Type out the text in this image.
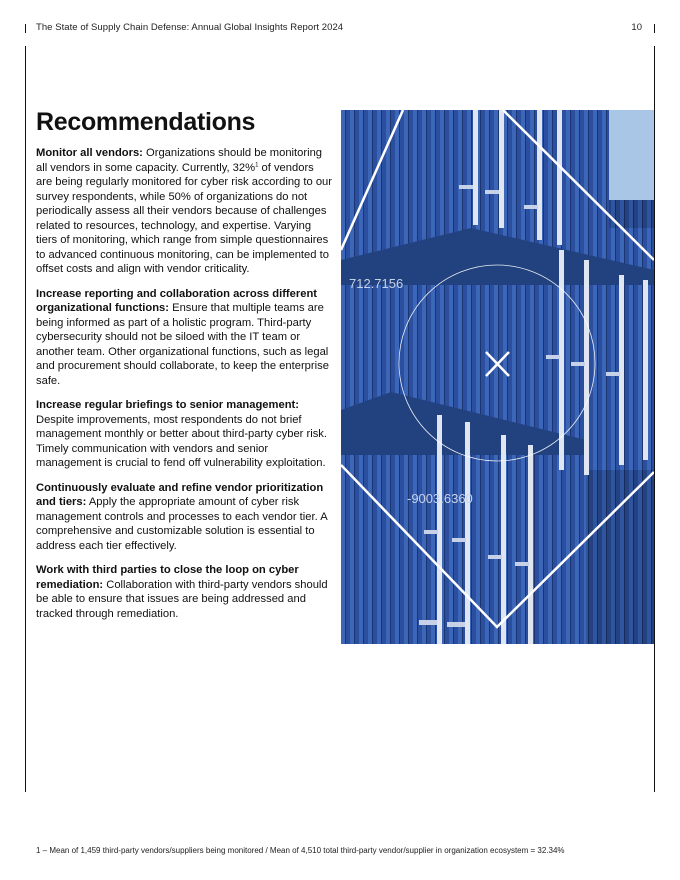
The State of Supply Chain Defense: Annual Global Insights Report 2024	10
Recommendations

Monitor all vendors: Organizations should be monitoring all vendors in some capacity. Currently, 32%$^1$ of vendors are being regularly monitored for cyber risk according to our survey respondents, while 50% of organizations do not periodically assess all their vendors because of challenges related to resources, technology, and expertise. Varying tiers of monitoring, which range from simple questionnaires to advanced continuous monitoring, can be implemented to offset costs and align with vendor criticality.

Increase reporting and collaboration across different organizational functions: Ensure that multiple teams are being informed as part of a holistic program. Third-party cybersecurity should not be siloed with the IT team or another team. Other organizational functions, such as legal and procurement should collaborate, to keep the enterprise safe.

Increase regular briefings to senior management: Despite improvements, most respondents do not brief management monthly or better about third-party cyber risk. Timely communication with vendors and senior management is crucial to fend off vulnerability exploitation.

Continuously evaluate and refine vendor prioritization and tiers: Apply the appropriate amount of cyber risk management controls and processes to each vendor tier. A comprehensive and customizable solution is essential to address each tier effectively.

Work with third parties to close the loop on cyber remediation: Collaboration with third-party vendors should be able to ensure that issues are being addressed and tracked through remediation.

712.7156
-9003.6360
1 – Mean of 1,459 third-party vendors/suppliers being monitored / Mean of 4,510 total third-party vendor/supplier in organization ecosystem = 32.34%
